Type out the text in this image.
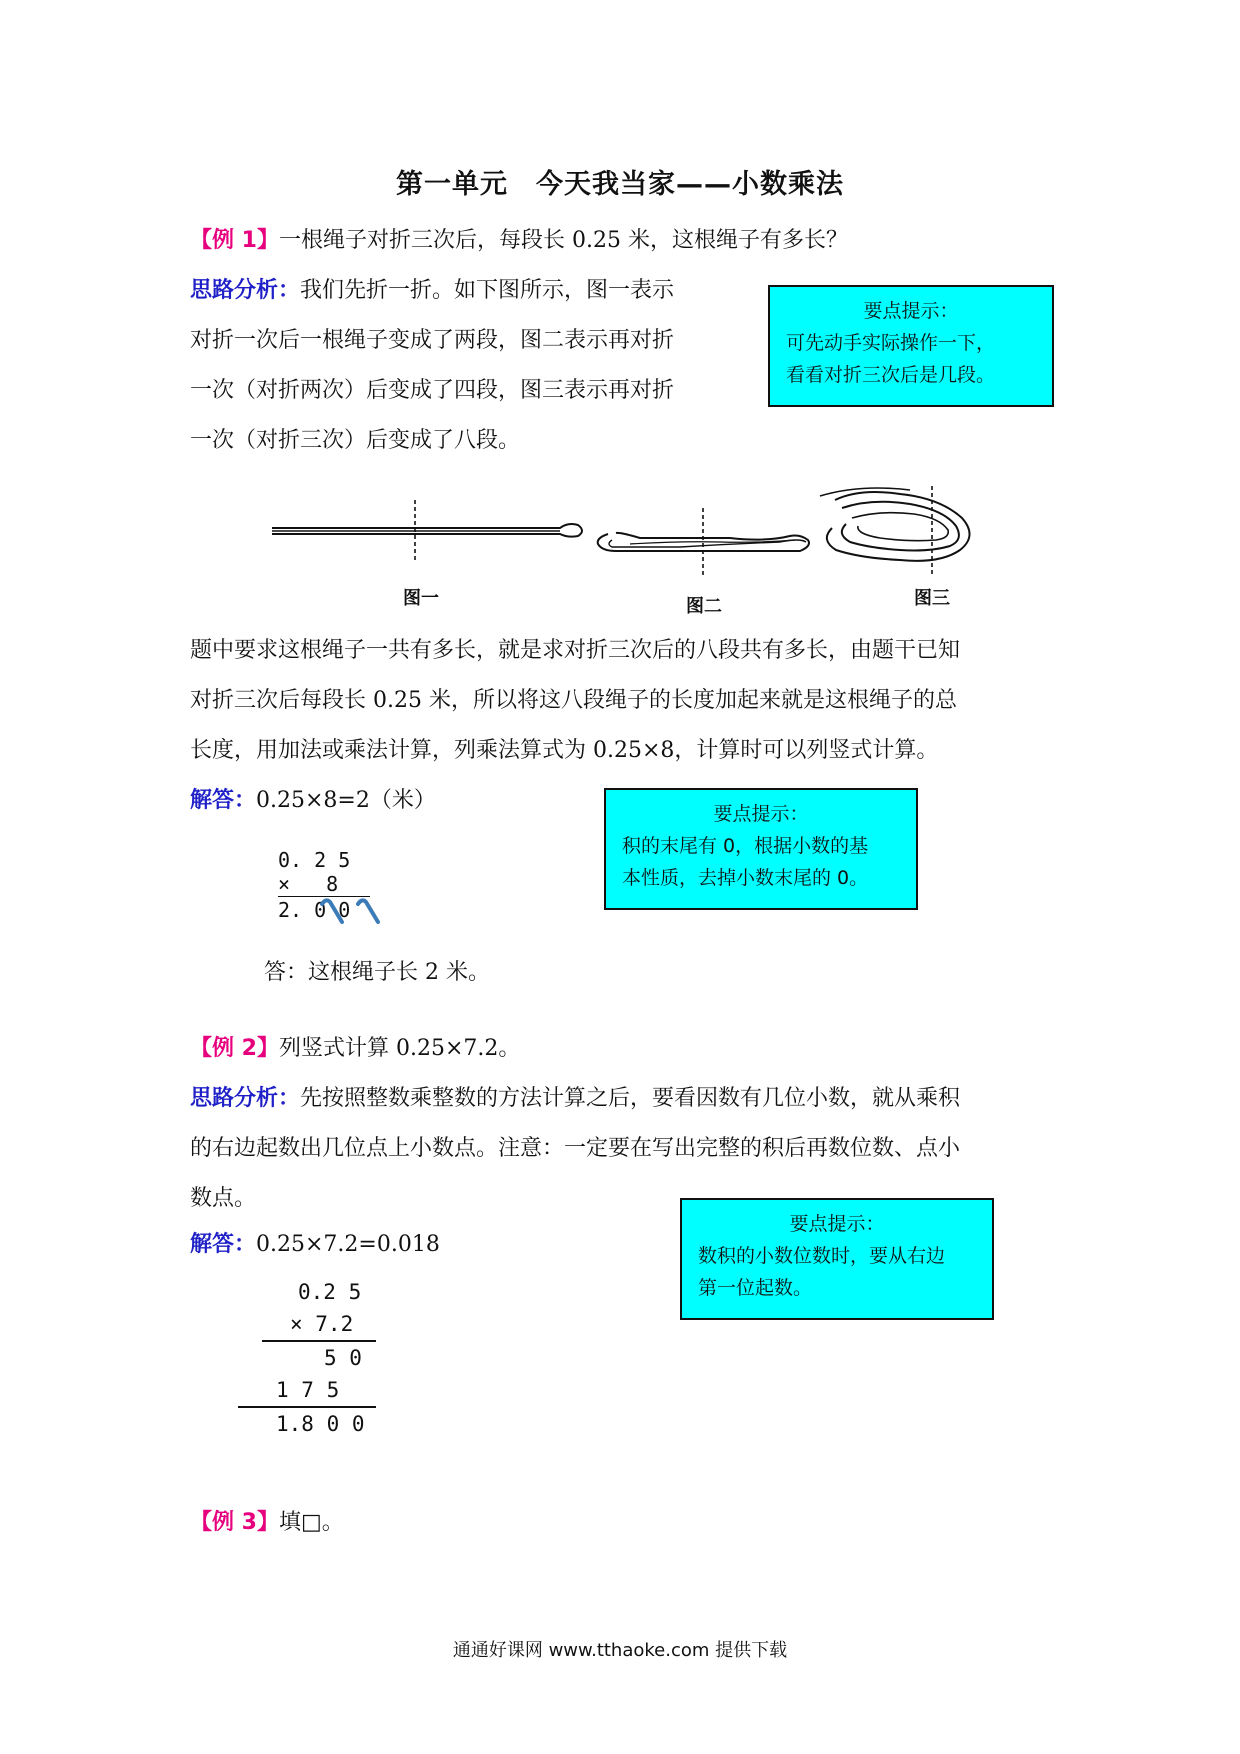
第一单元　今天我当家——小数乘法
【例 1】一根绳子对折三次后，每段长 0.25 米，这根绳子有多长？
思路分析：我们先折一折。如下图所示，图一表示
对折一次后一根绳子变成了两段，图二表示再对折
一次（对折两次）后变成了四段，图三表示再对折
一次（对折三次）后变成了八段。
要点提示：
可先动手实际操作一下，
看看对折三次后是几段。
图一	图二	图三
题中要求这根绳子一共有多长，就是求对折三次后的八段共有多长，由题干已知
对折三次后每段长 0.25 米，所以将这八段绳子的长度加起来就是这根绳子的总
长度，用加法或乘法计算，列乘法算式为 0.25×8，计算时可以列竖式计算。
解答：0.25×8=2（米）
要点提示：
积的末尾有 0，根据小数的基
本性质，去掉小数末尾的 0。
0. 2 5
×   8
2. 0 0
答：这根绳子长 2 米。
【例 2】列竖式计算 0.25×7.2。
思路分析：先按照整数乘整数的方法计算之后，要看因数有几位小数，就从乘积
的右边起数出几位点上小数点。注意：一定要在写出完整的积后再数位数、点小
数点。
要点提示：
数积的小数位数时，要从右边
第一位起数。
解答：0.25×7.2=0.018
0.2 5
× 7.2
5 0
1 7 5
1.8 0 0
【例 3】填□。
通通好课网 www.tthaoke.com 提供下载
